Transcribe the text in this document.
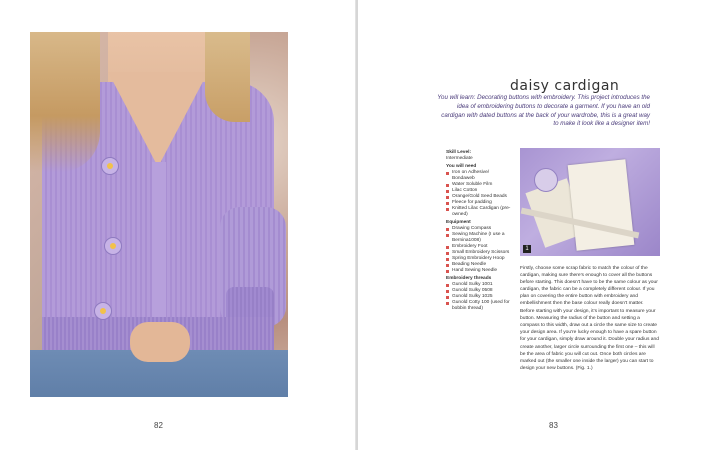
82	83
daisy cardigan
You will learn: Decorating buttons with embroidery. This project introduces the idea of embroidering buttons to decorate a garment. If you have an old cardigan with dated buttons at the back of your wardrobe, this is a great way to make it look like a designer item!
Skill Level:
Intermediate
You will need
Iron on Adhesive/ Bondaweb
Water Soluble Film
Lilac Cotton
Orange/Gold Seed Beads
Fleece for padding
Knitted Lilac Cardigan (pre-owned)
Equipment
Drawing Compass
Sewing Machine (I use a Bernina1008)
Embroidery Foot
Small Embroidery Scissors
Spring Embroidery Hoop
Beading Needle
Hand Sewing Needle
Embroidery threads
Gunold Sulky 1001
Gunold Sulky 0508
Gunold Sulky 1025
Gunold Cotty 100 (used for bobbin thread)
1

Firstly, choose some scrap fabric to match the colour of the cardigan, making sure there's enough to cover all the buttons before starting. This doesn't have to be the same colour as your cardigan, the fabric can be a completely different colour. If you plan on covering the entire button with embroidery and embellishment then the base colour really doesn't matter.

Before starting with your design, it's important to measure your button. Measuring the radius of the button and setting a compass to this width, draw out a circle the same size to create your design area. If you're lucky enough to have a spare button for your cardigan, simply draw around it. Double your radius and create another, larger circle surrounding the first one – this will be the area of fabric you will cut out. Once both circles are marked out (the smaller one inside the larger) you can start to design your new buttons. (Fig. 1.)
